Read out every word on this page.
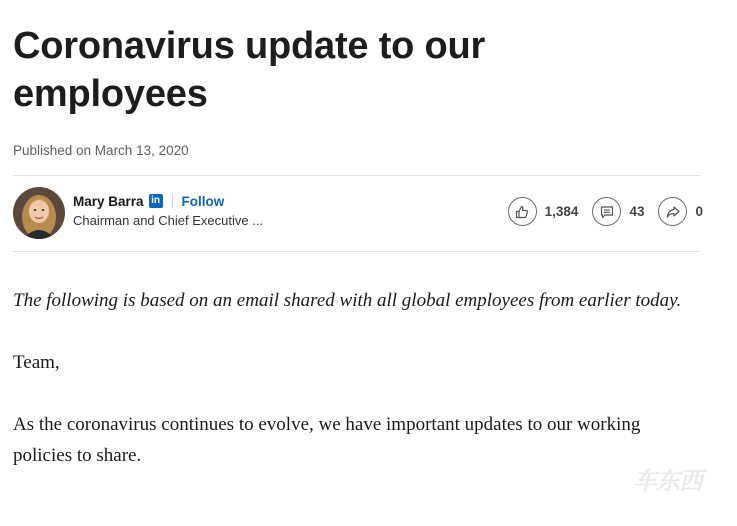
Coronavirus update to our employees
Published on March 13, 2020
Mary Barra in Follow
Chairman and Chief Executive ...
1,384	43	0
The following is based on an email shared with all global employees from earlier today.
Team,
As the coronavirus continues to evolve, we have important updates to our working policies to share.
车东西
